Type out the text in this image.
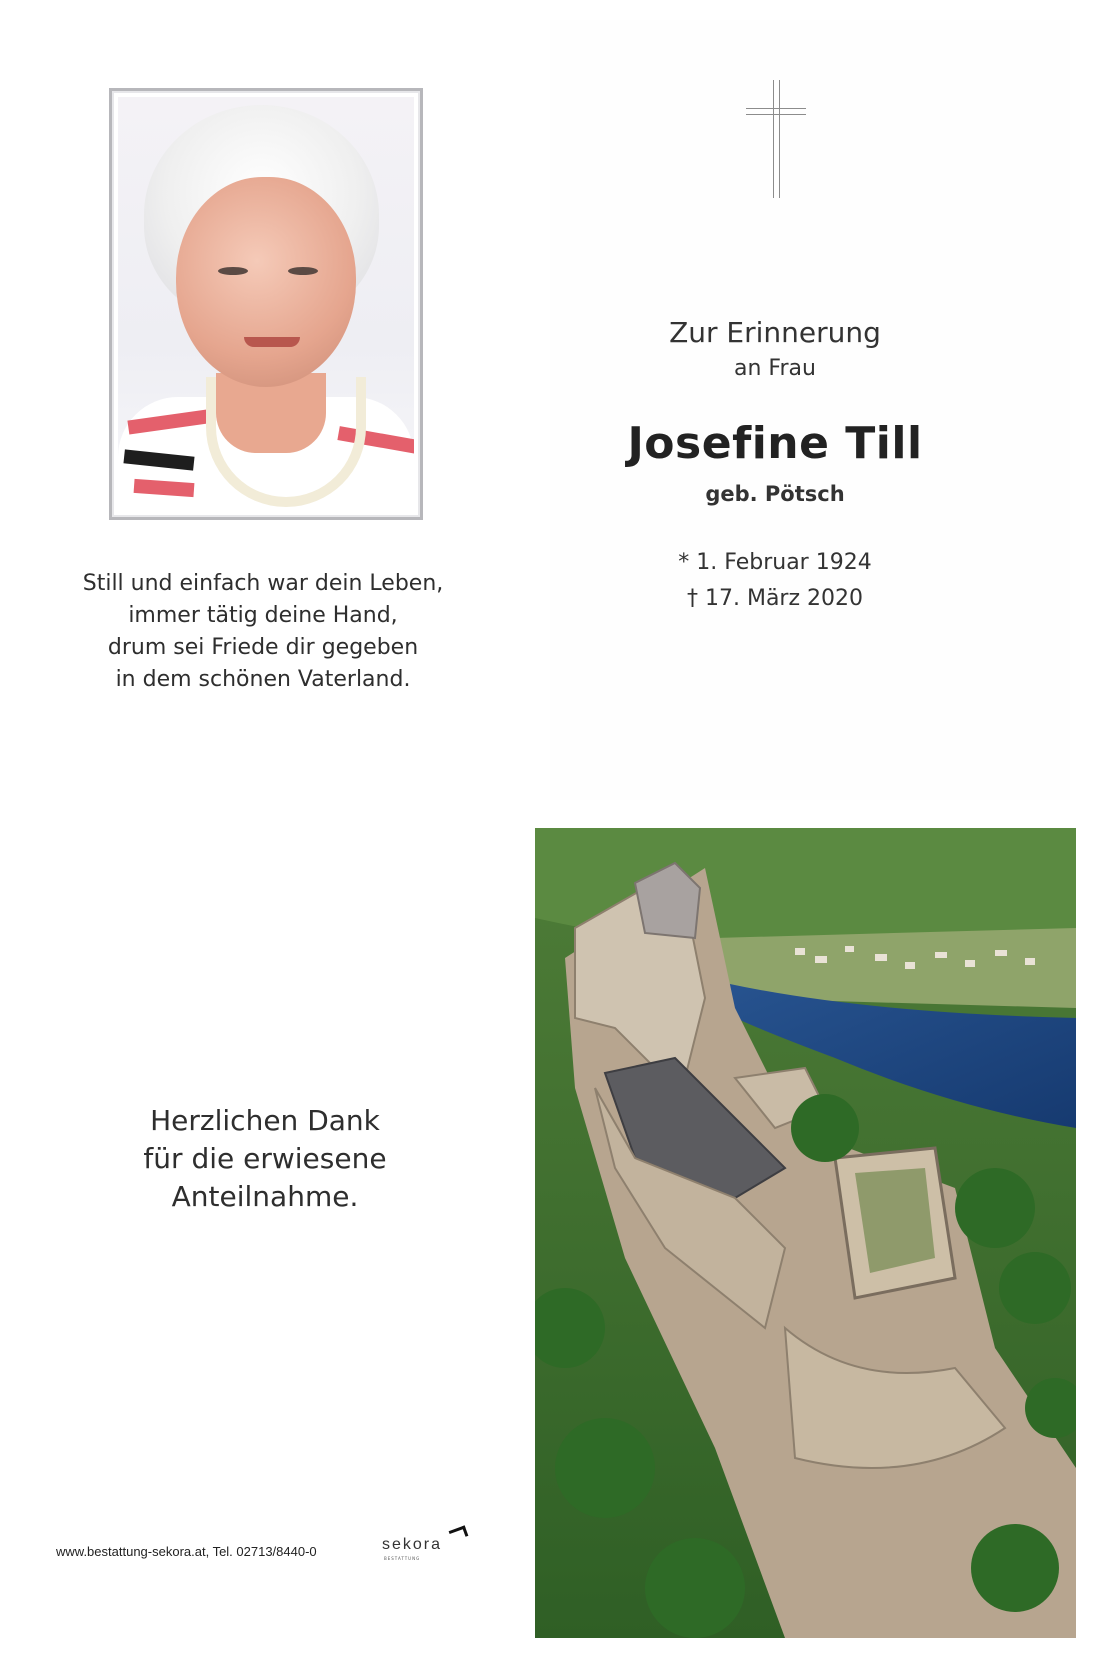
Still und einfach war dein Leben,
immer tätig deine Hand,
drum sei Friede dir gegeben
in dem schönen Vaterland.
Zur Erinnerung
an Frau
Josefine Till
geb. Pötsch
* 1. Februar 1924
† 17. März 2020
Herzlichen Dank
für die erwiesene
Anteilnahme.
www.bestattung-sekora.at, Tel. 02713/8440-0	sekora
BESTATTUNG
